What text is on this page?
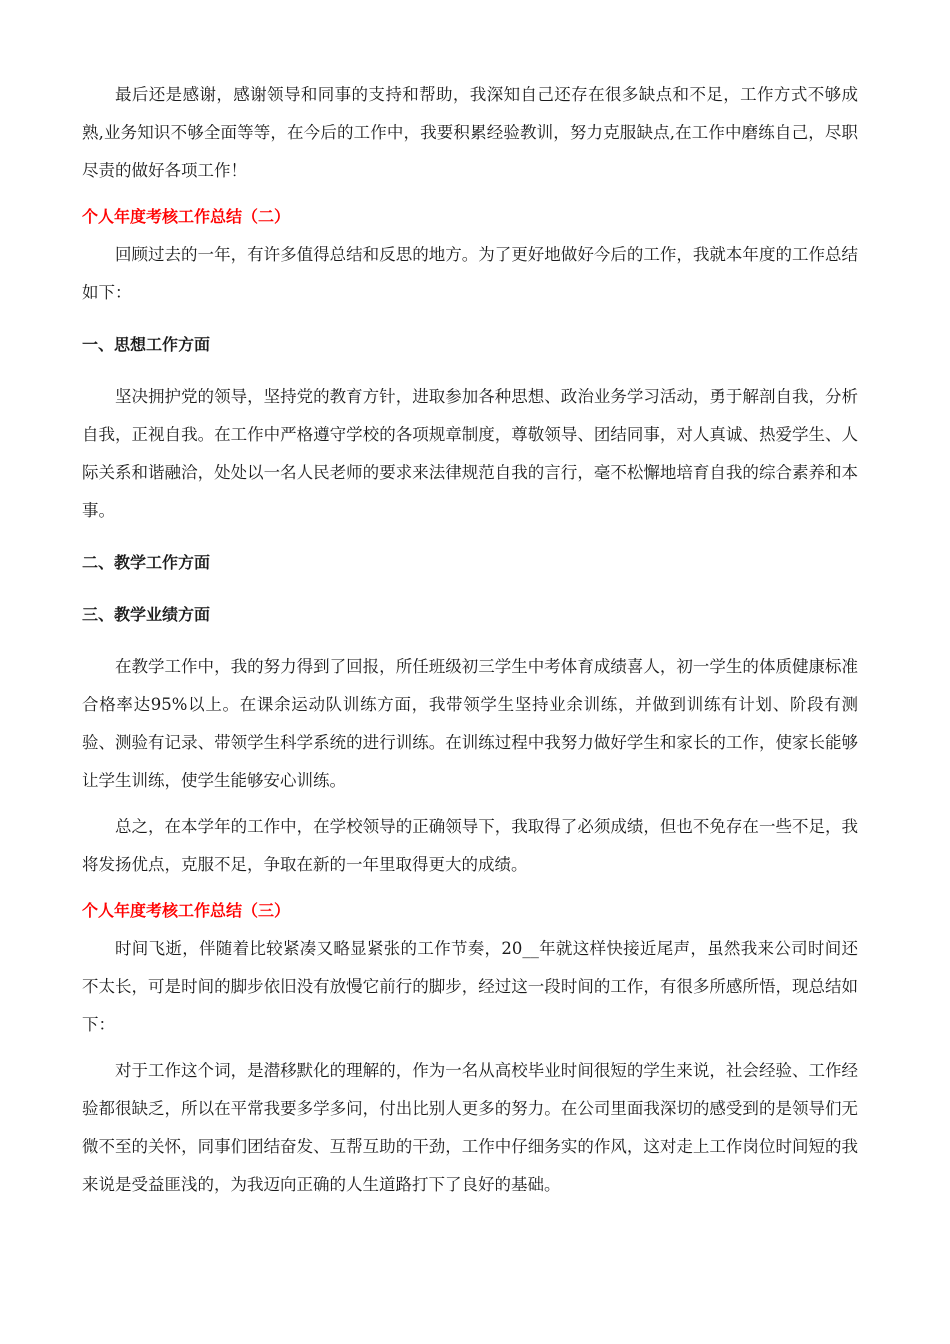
最后还是感谢，感谢领导和同事的支持和帮助，我深知自己还存在很多缺点和不足，工作方式不够成熟,业务知识不够全面等等，在今后的工作中，我要积累经验教训，努力克服缺点,在工作中磨练自己，尽职尽责的做好各项工作！

个人年度考核工作总结（二）

回顾过去的一年，有许多值得总结和反思的地方。为了更好地做好今后的工作，我就本年度的工作总结如下：

一、思想工作方面

坚决拥护党的领导，坚持党的教育方针，进取参加各种思想、政治业务学习活动，勇于解剖自我，分析自我，正视自我。在工作中严格遵守学校的各项规章制度，尊敬领导、团结同事，对人真诚、热爱学生、人际关系和谐融洽，处处以一名人民老师的要求来法律规范自我的言行，毫不松懈地培育自我的综合素养和本事。

二、教学工作方面
三、教学业绩方面

在教学工作中，我的努力得到了回报，所任班级初三学生中考体育成绩喜人，初一学生的体质健康标准合格率达95%以上。在课余运动队训练方面，我带领学生坚持业余训练，并做到训练有计划、阶段有测验、测验有记录、带领学生科学系统的进行训练。在训练过程中我努力做好学生和家长的工作，使家长能够让学生训练，使学生能够安心训练。

总之，在本学年的工作中，在学校领导的正确领导下，我取得了必须成绩，但也不免存在一些不足，我将发扬优点，克服不足，争取在新的一年里取得更大的成绩。

个人年度考核工作总结（三）

时间飞逝，伴随着比较紧凑又略显紧张的工作节奏，20__年就这样快接近尾声，虽然我来公司时间还不太长，可是时间的脚步依旧没有放慢它前行的脚步，经过这一段时间的工作，有很多所感所悟，现总结如下：

对于工作这个词，是潜移默化的理解的，作为一名从高校毕业时间很短的学生来说，社会经验、工作经验都很缺乏，所以在平常我要多学多问，付出比别人更多的努力。在公司里面我深切的感受到的是领导们无微不至的关怀，同事们团结奋发、互帮互助的干劲，工作中仔细务实的作风，这对走上工作岗位时间短的我来说是受益匪浅的，为我迈向正确的人生道路打下了良好的基础。
